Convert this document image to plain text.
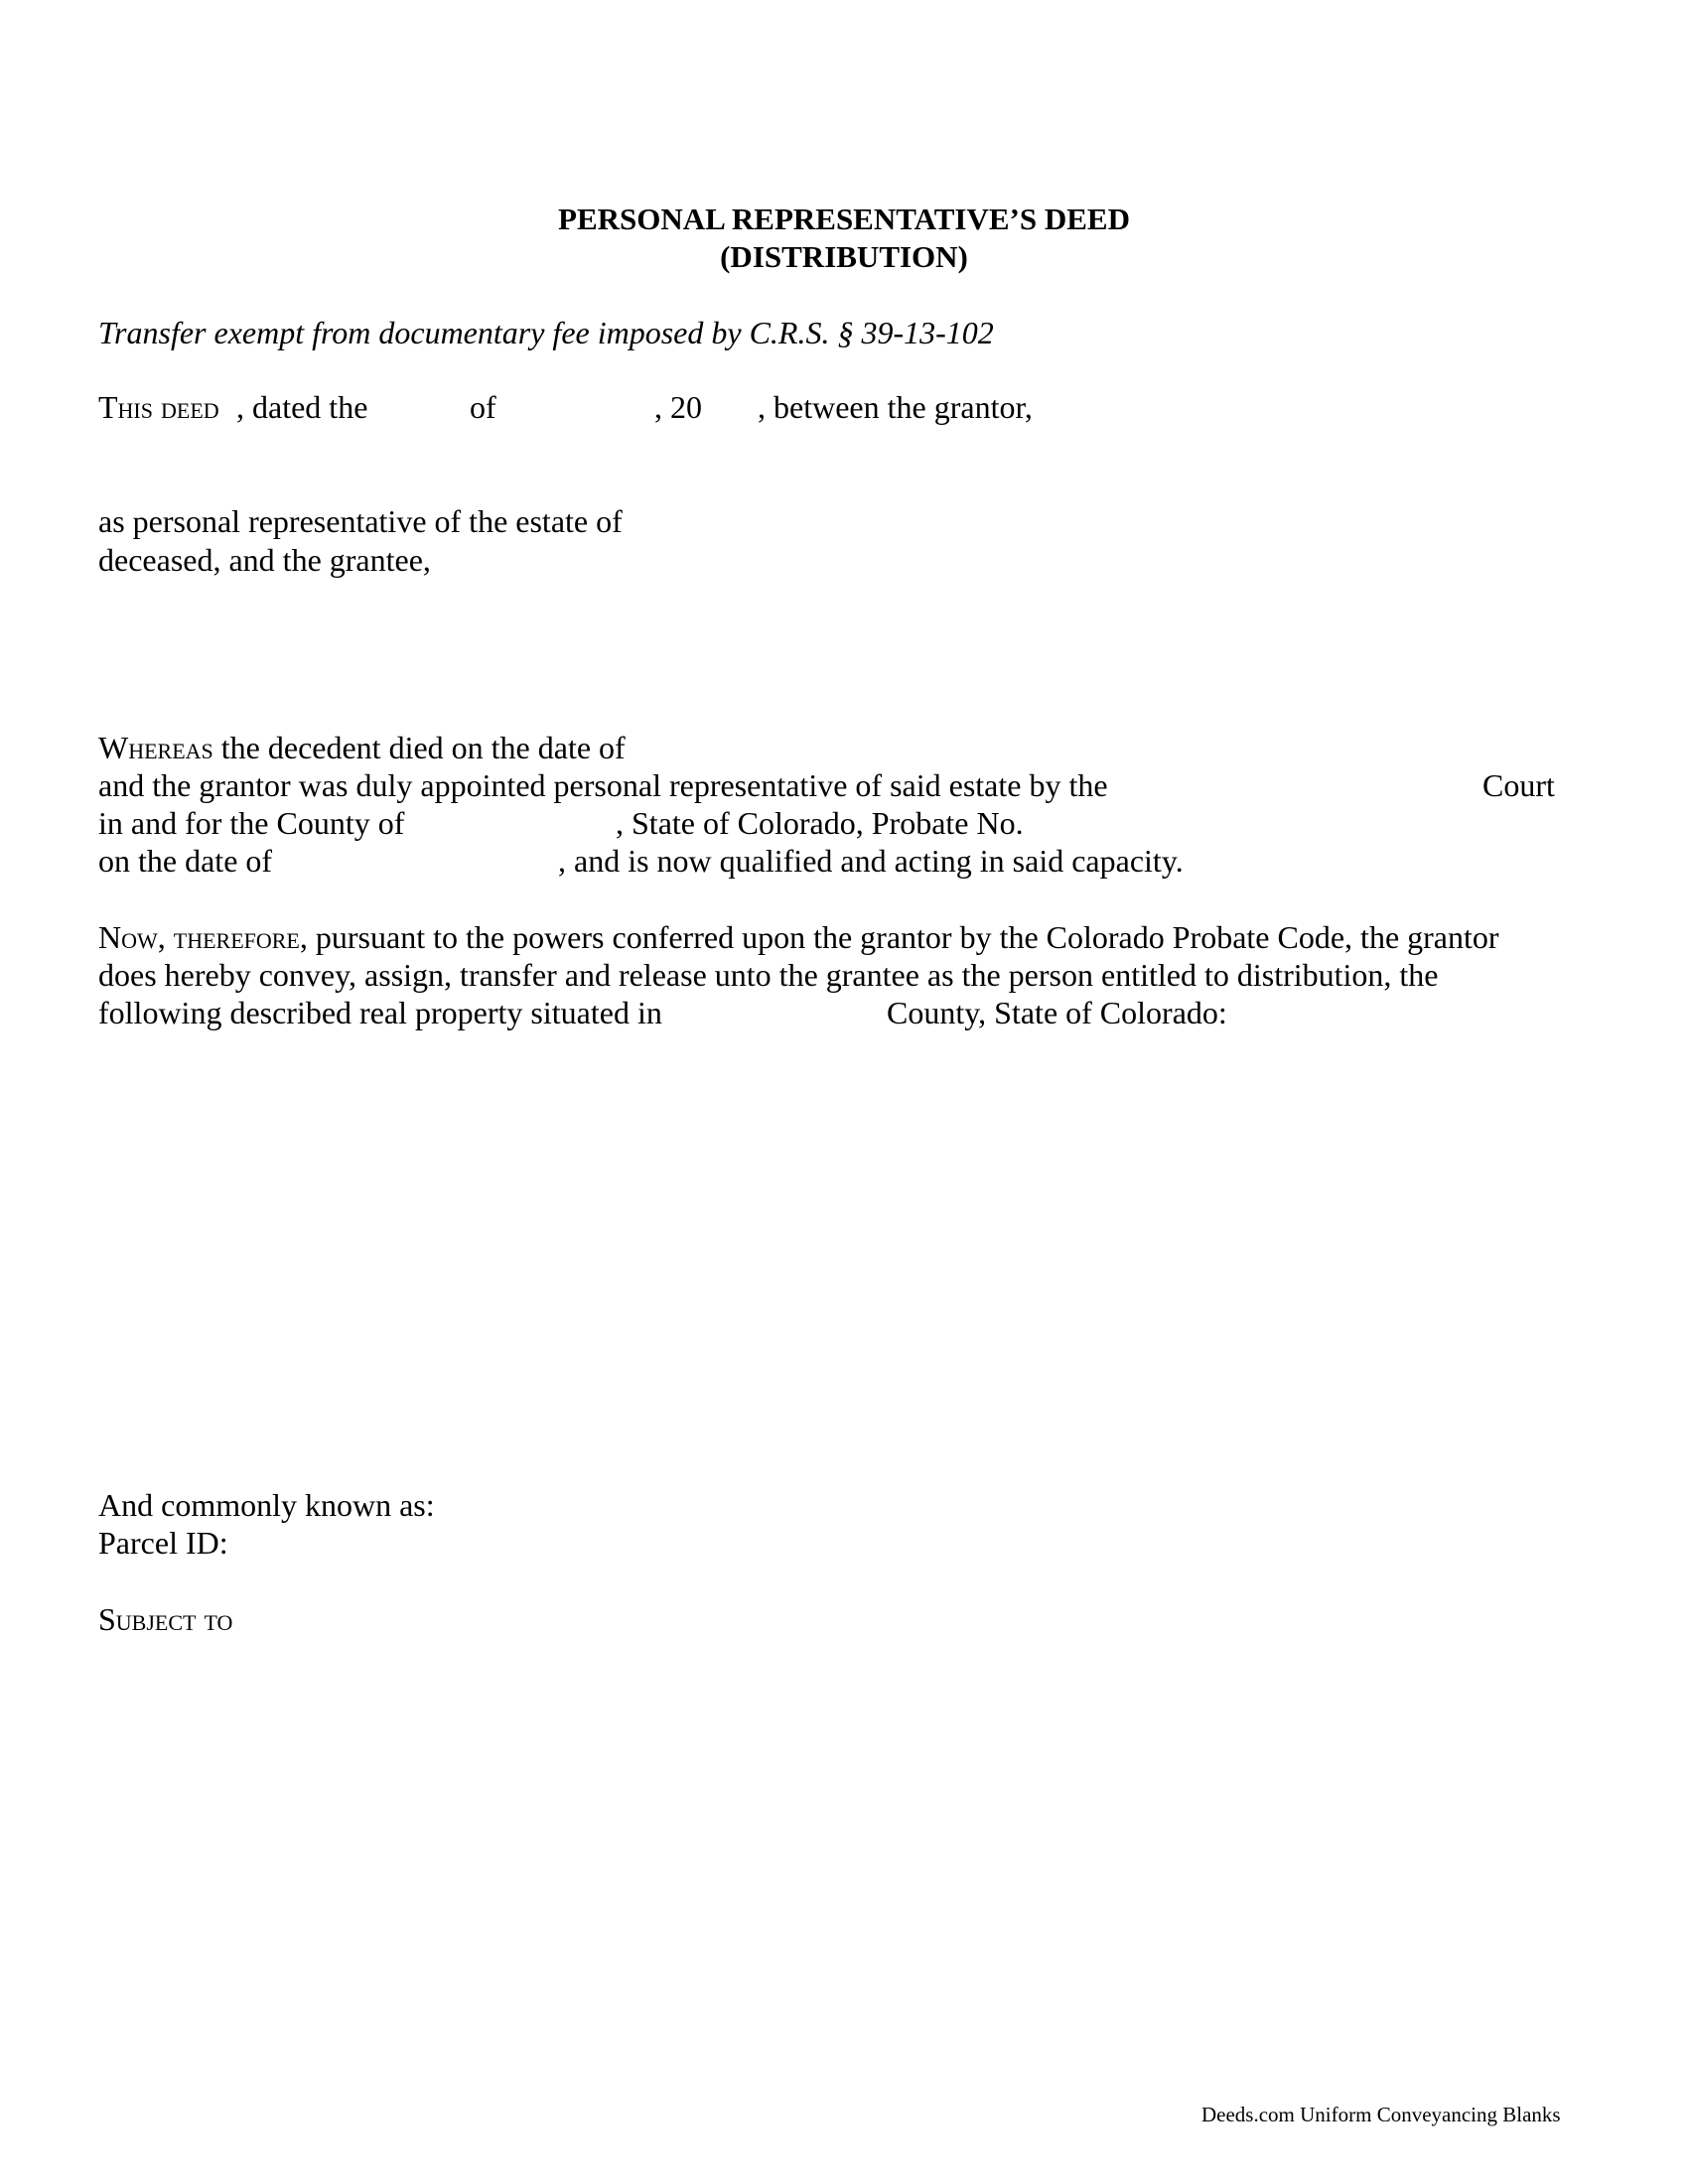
PERSONAL REPRESENTATIVE’S DEED
(DISTRIBUTION)
Transfer exempt from documentary fee imposed by C.R.S. § 39-13-102
This deed , dated the	of	, 20 , between the grantor,
as personal representative of the estate of
deceased, and the grantee,
Whereas the decedent died on the date of
and the grantor was duly appointed personal representative of said estate by the	Court
in and for the County of	, State of Colorado, Probate No.
on the date of	, and is now qualified and acting in said capacity.
Now, therefore, pursuant to the powers conferred upon the grantor by the Colorado Probate Code, the grantor
does hereby convey, assign, transfer and release unto the grantee as the person entitled to distribution, the
following described real property situated in	County, State of Colorado:
And commonly known as:
Parcel ID:
Subject to
Deeds.com Uniform Conveyancing Blanks
